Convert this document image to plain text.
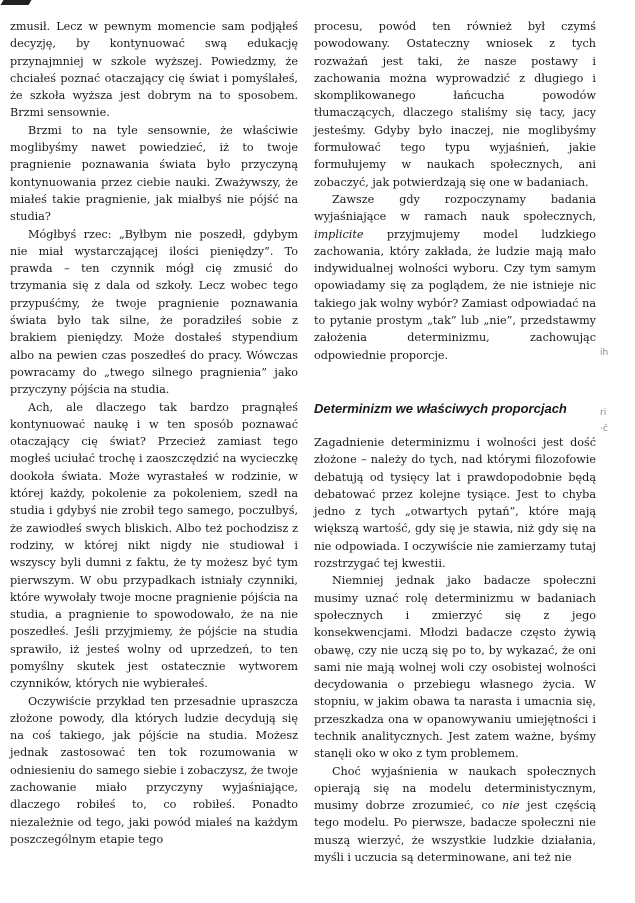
zmusił. Lecz w pewnym momencie sam podjąłeś decyzję, by kontynuować swą edukację przynajmniej w szkole wyższej. Powiedzmy, że chciałeś poznać otaczający cię świat i pomyślałeś, że szkoła wyższa jest dobrym na to sposobem. Brzmi sensownie.

Brzmi to na tyle sensownie, że właściwie moglibyśmy nawet powiedzieć, iż to twoje pragnienie poznawania świata było przyczyną kontynuowania przez ciebie nauki. Zważywszy, że miałeś takie pragnienie, jak miałbyś nie pójść na studia?

Mógłbyś rzec: „Byłbym nie poszedł, gdybym nie miał wystarczającej ilości pieniędzy”. To prawda – ten czynnik mógł cię zmusić do trzymania się z dala od szkoły. Lecz wobec tego przypuśćmy, że twoje pragnienie poznawania świata było tak silne, że poradziłeś sobie z brakiem pieniędzy. Może dostałeś stypendium albo na pewien czas poszedłeś do pracy. Wówczas powracamy do „twego silnego pragnienia” jako przyczyny pójścia na studia.

Ach, ale dlaczego tak bardzo pragnąłeś kontynuować naukę i w ten sposób poznawać otaczający cię świat? Przecież zamiast tego mogłeś uciułać trochę i zaoszczędzić na wycieczkę dookoła świata. Może wyrastałeś w rodzinie, w której każdy, pokolenie za pokoleniem, szedł na studia i gdybyś nie zrobił tego samego, poczułbyś, że zawiodłeś swych bliskich. Albo też pochodzisz z rodziny, w której nikt nigdy nie studiował i wszyscy byli dumni z faktu, że ty możesz być tym pierwszym. W obu przypadkach istniały czynniki, które wywołały twoje mocne pragnienie pójścia na studia, a pragnienie to spowodowało, że na nie poszedłeś. Jeśli przyjmiemy, że pójście na studia sprawiło, iż jesteś wolny od uprzedzeń, to ten pomyślny skutek jest ostatecznie wytworem czynników, których nie wybierałeś.

Oczywiście przykład ten przesadnie upraszcza złożone powody, dla których ludzie decydują się na coś takiego, jak pójście na studia. Możesz jednak zastosować ten tok rozumowania w odniesieniu do samego siebie i zobaczysz, że twoje zachowanie miało przyczyny wyjaśniające, dlaczego robiłeś to, co robiłeś. Ponadto niezależnie od tego, jaki powód miałeś na każdym poszczególnym etapie tego

procesu, powód ten również był czymś powodowany. Ostateczny wniosek z tych rozważań jest taki, że nasze postawy i zachowania można wyprowadzić z długiego i skomplikowanego łańcucha powodów tłumaczących, dlaczego staliśmy się tacy, jacy jesteśmy. Gdyby było inaczej, nie moglibyśmy formułować tego typu wyjaśnień, jakie formułujemy w naukach społecznych, ani zobaczyć, jak potwierdzają się one w badaniach.

Zawsze gdy rozpoczynamy badania wyjaśniające w ramach nauk społecznych, implicite przyjmujemy model ludzkiego zachowania, który zakłada, że ludzie mają mało indywidualnej wolności wyboru. Czy tym samym opowiadamy się za poglądem, że nie istnieje nic takiego jak wolny wybór? Zamiast odpowiadać na to pytanie prostym „tak” lub „nie”, przedstawmy założenia determinizmu, zachowując odpowiednie proporcje.

Determinizm we właściwych proporcjach

Zagadnienie determinizmu i wolności jest dość złożone – należy do tych, nad którymi filozofowie debatują od tysięcy lat i prawdopodobnie będą debatować przez kolejne tysiące. Jest to chyba jedno z tych „otwartych pytań”, które mają większą wartość, gdy się je stawia, niż gdy się na nie odpowiada. I oczywiście nie zamierzamy tutaj rozstrzygać tej kwestii.

Niemniej jednak jako badacze społeczni musimy uznać rolę determinizmu w badaniach społecznych i zmierzyć się z jego konsekwencjami. Młodzi badacze często żywią obawę, czy nie uczą się po to, by wykazać, że oni sami nie mają wolnej woli czy osobistej wolności decydowania o przebiegu własnego życia. W stopniu, w jakim obawa ta narasta i umacnia się, przeszkadza ona w opanowywaniu umiejętności i technik analitycznych. Jest zatem ważne, byśmy stanęli oko w oko z tym problemem.

Choć wyjaśnienia w naukach społecznych opierają się na modelu deterministycznym, musimy dobrze zrozumieć, co nie jest częścią tego modelu. Po pierwsze, badacze społeczni nie muszą wierzyć, że wszystkie ludzkie działania, myśli i uczucia są determinowane, ani też nie

ih
ri
·č
